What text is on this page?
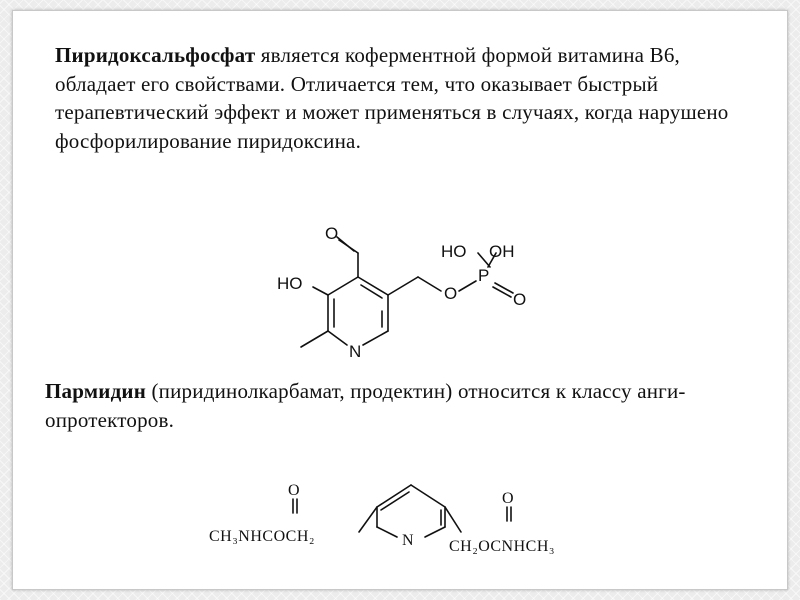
Пиридоксальфосфат является коферментной формой витамина В6, обладает его свойствами. Отличается тем, что оказывает быстрый терапевтический эффект и может применяться в случаях, когда нарушено фосфорилирование пиридоксина.
O
HO
N
O
P
HO OH
O
Пармидин (пиридинолкарбамат, продектин) относится к классу анги- опротекторов.
O	O
CH₃NHCOCH₂	N CH₂OCNHCH₃
